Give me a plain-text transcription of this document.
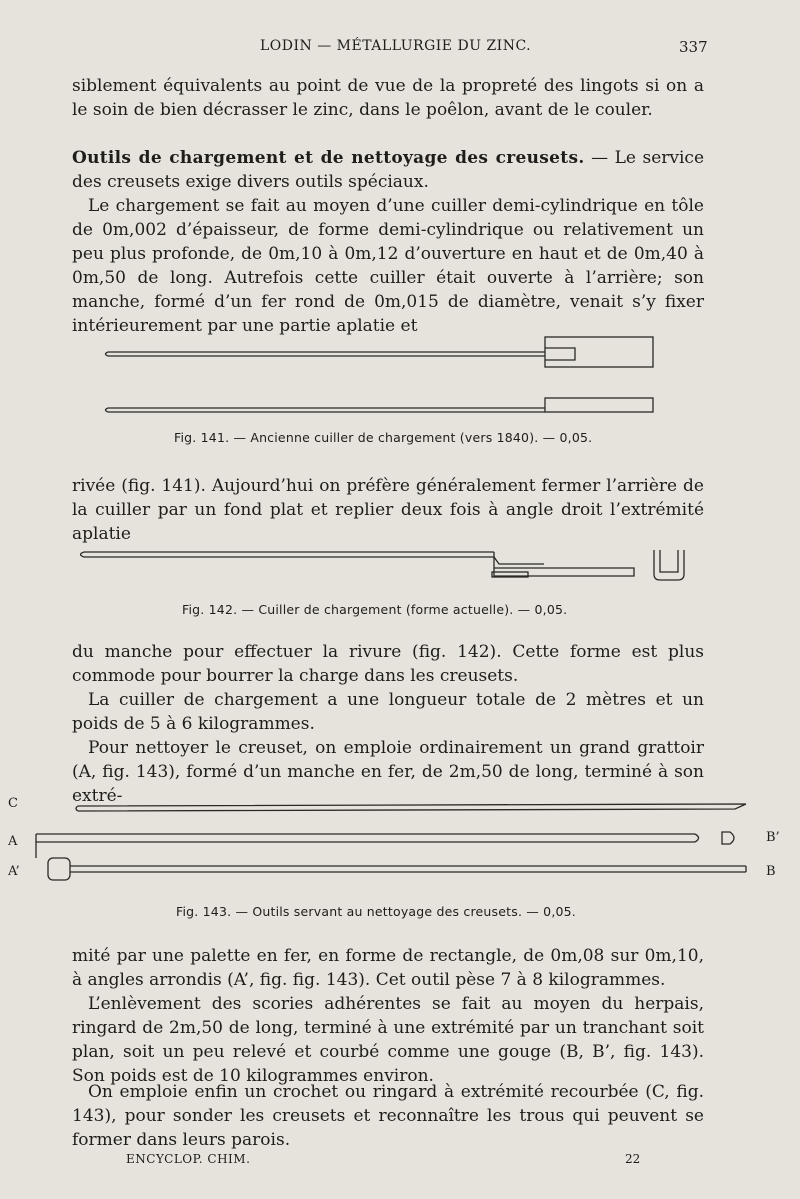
LODIN — MÉTALLURGIE DU ZINC.	337

siblement équivalents au point de vue de la propreté des lingots si on a le soin de bien décrasser le zinc, dans le poêlon, avant de le couler.

Outils de chargement et de nettoyage des creusets. — Le service des creusets exige divers outils spéciaux.

Le chargement se fait au moyen d’une cuiller demi-cylindrique en tôle de 0m,002 d’épaisseur, de forme demi-cylindrique ou relativement un peu plus profonde, de 0m,10 à 0m,12 d’ouverture en haut et de 0m,40 à 0m,50 de long. Autrefois cette cuiller était ouverte à l’arrière; son manche, formé d’un fer rond de 0m,015 de diamètre, venait s’y fixer intérieurement par une partie aplatie et

Fig. 141. — Ancienne cuiller de chargement (vers 1840). — 0,05.

rivée (fig. 141). Aujourd’hui on préfère généralement fermer l’arrière de la cuiller par un fond plat et replier deux fois à angle droit l’extrémité aplatie

Fig. 142. — Cuiller de chargement (forme actuelle). — 0,05.

du manche pour effectuer la rivure (fig. 142). Cette forme est plus commode pour bourrer la charge dans les creusets.

La cuiller de chargement a une longueur totale de 2 mètres et un poids de 5 à 6 kilogrammes.

Pour nettoyer le creuset, on emploie ordinairement un grand grattoir (A, fig. 143), formé d’un manche en fer, de 2m,50 de long, terminé à son extré-

C
A
A’
B’
B
Fig. 143. — Outils servant au nettoyage des creusets. — 0,05.

mité par une palette en fer, en forme de rectangle, de 0m,08 sur 0m,10, à angles arrondis (A’, fig. fig. 143). Cet outil pèse 7 à 8 kilogrammes.

L’enlèvement des scories adhérentes se fait au moyen du herpais, ringard de 2m,50 de long, terminé à une extrémité par un tranchant soit plan, soit un peu relevé et courbé comme une gouge (B, B’, fig. 143). Son poids est de 10 kilogrammes environ.

On emploie enfin un crochet ou ringard à extrémité recourbée (C, fig. 143), pour sonder les creusets et reconnaître les trous qui peuvent se former dans leurs parois.

ENCYCLOP. CHIM.	22
